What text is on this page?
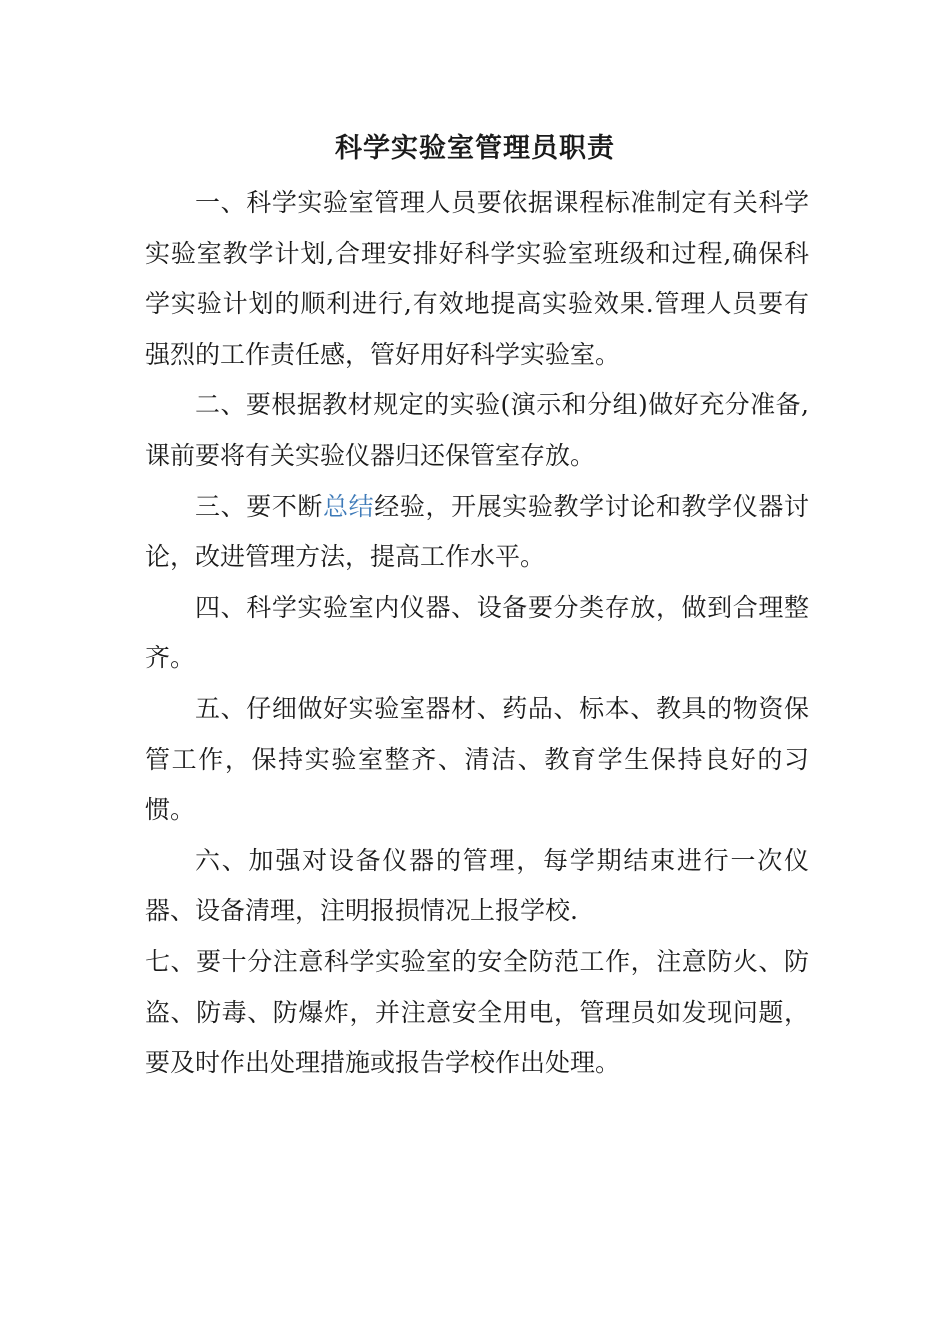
科学实验室管理员职责

一、科学实验室管理人员要依据课程标准制定有关科学实验室教学计划,合理安排好科学实验室班级和过程,确保科学实验计划的顺利进行,有效地提高实验效果.管理人员要有强烈的工作责任感，管好用好科学实验室。

二、要根据教材规定的实验(演示和分组)做好充分准备,课前要将有关实验仪器归还保管室存放。

三、要不断总结经验，开展实验教学讨论和教学仪器讨论，改进管理方法，提高工作水平。

四、科学实验室内仪器、设备要分类存放，做到合理整齐。

五、仔细做好实验室器材、药品、标本、教具的物资保管工作，保持实验室整齐、清洁、教育学生保持良好的习惯。

六、加强对设备仪器的管理，每学期结束进行一次仪器、设备清理，注明报损情况上报学校.

七、要十分注意科学实验室的安全防范工作，注意防火、防盗、防毒、防爆炸，并注意安全用电，管理员如发现问题，要及时作出处理措施或报告学校作出处理。
